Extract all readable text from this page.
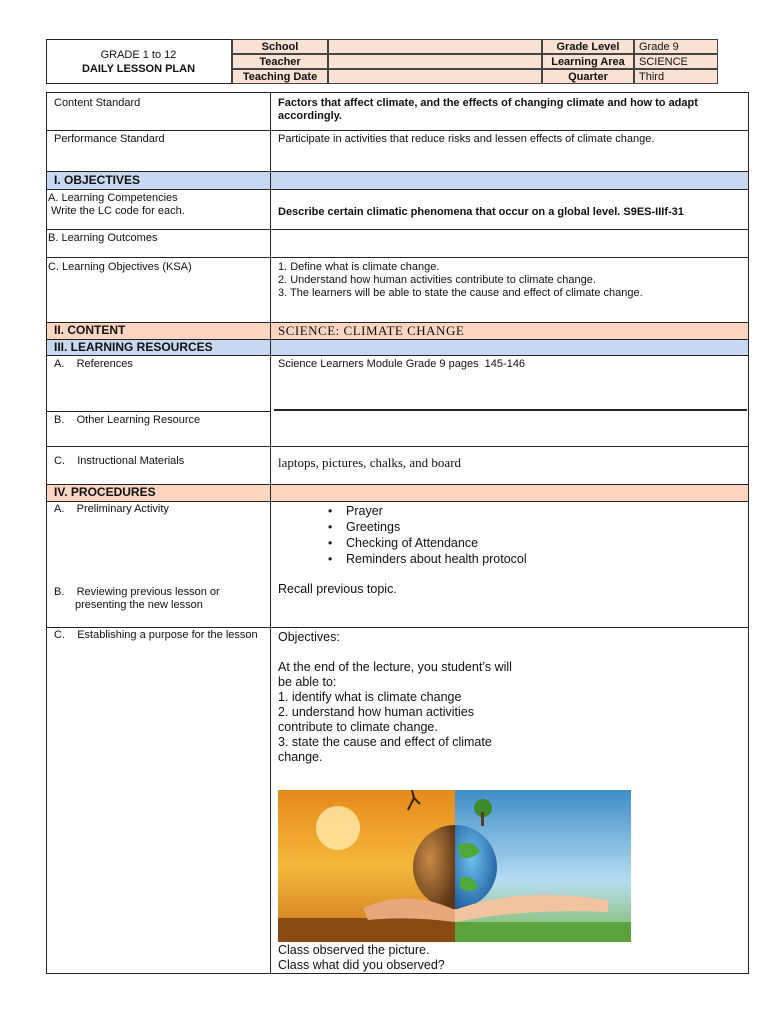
GRADE 1 to 12
DAILY LESSON PLAN
School
Teacher
Teaching Date
Grade Level
Learning Area
Quarter
Grade 9
SCIENCE
Third
Content Standard	Factors that affect climate, and the effects of changing climate and how to adapt accordingly.
Performance Standard	Participate in activities that reduce risks and lessen effects of climate change.
I. OBJECTIVES
A. Learning Competencies
Write the LC code for each.	Describe certain climatic phenomena that occur on a global level. S9ES-IIIf-31
B. Learning Outcomes
C. Learning Objectives (KSA)	1. Define what is climate change.
2. Understand how human activities contribute to climate change.
3. The learners will be able to state the cause and effect of climate change.
II. CONTENT	SCIENCE: CLIMATE CHANGE
III. LEARNING RESOURCES
A.    References	Science Learners Module Grade 9 pages  145-146
B.    Other Learning Resource
C.    Instructional Materials	laptops, pictures, chalks, and board
IV. PROCEDURES
A.    Preliminary Activity
•	Prayer
• Greetings
• Checking of Attendance
• Reminders about health protocol
B.    Reviewing previous lesson or
presenting the new lesson
Recall previous topic.
C.    Establishing a purpose for the lesson Objectives:
At the end of the lecture, you student’s will
be able to:
1. identify what is climate change
2. understand how human activities
contribute to climate change.
3. state the cause and effect of climate
change.
Class observed the picture.
Class what did you observed?
